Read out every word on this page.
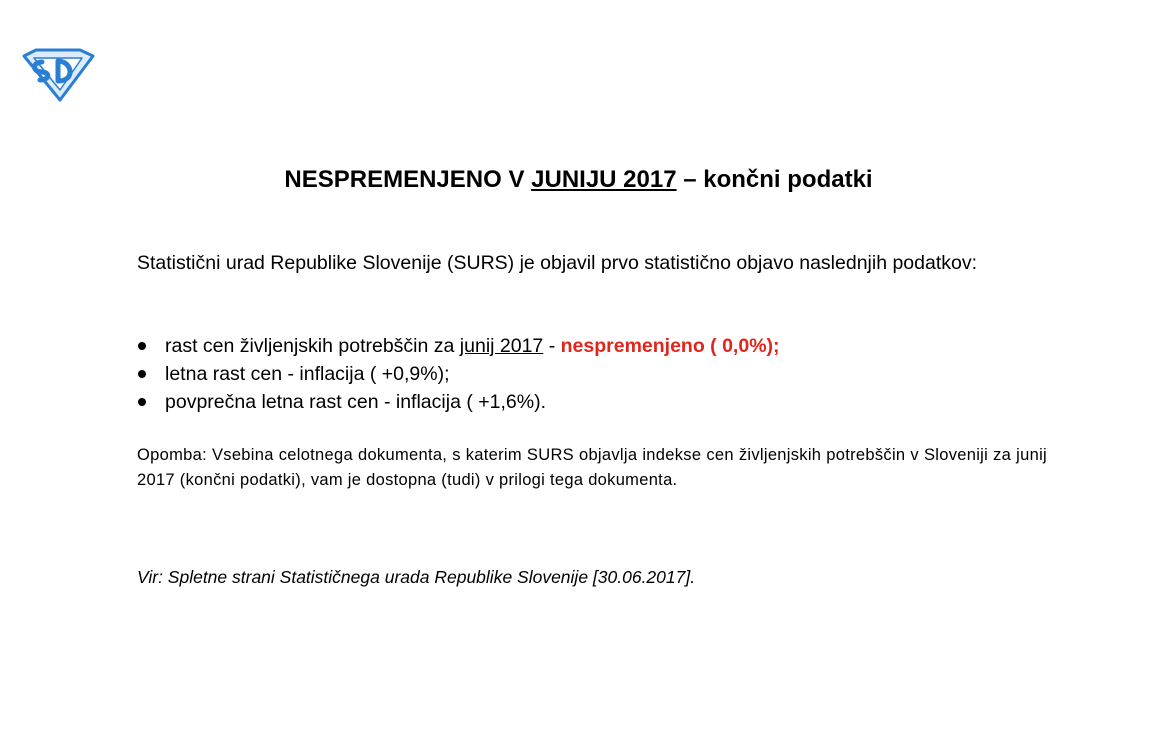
NESPREMENJENO V JUNIJU 2017 – končni podatki

Statistični urad Republike Slovenije (SURS) je objavil prvo statistično objavo naslednjih podatkov:

rast cen življenjskih potrebščin za junij 2017 - nespremenjeno ( 0,0%);
letna rast cen - inflacija ( +0,9%);
povprečna letna rast cen - inflacija ( +1,6%).

Opomba: Vsebina celotnega dokumenta, s katerim SURS objavlja indekse cen življenjskih potrebščin v Sloveniji za junij 2017 (končni podatki), vam je dostopna (tudi) v prilogi tega dokumenta.

Vir: Spletne strani Statističnega urada Republike Slovenije [30.06.2017].
